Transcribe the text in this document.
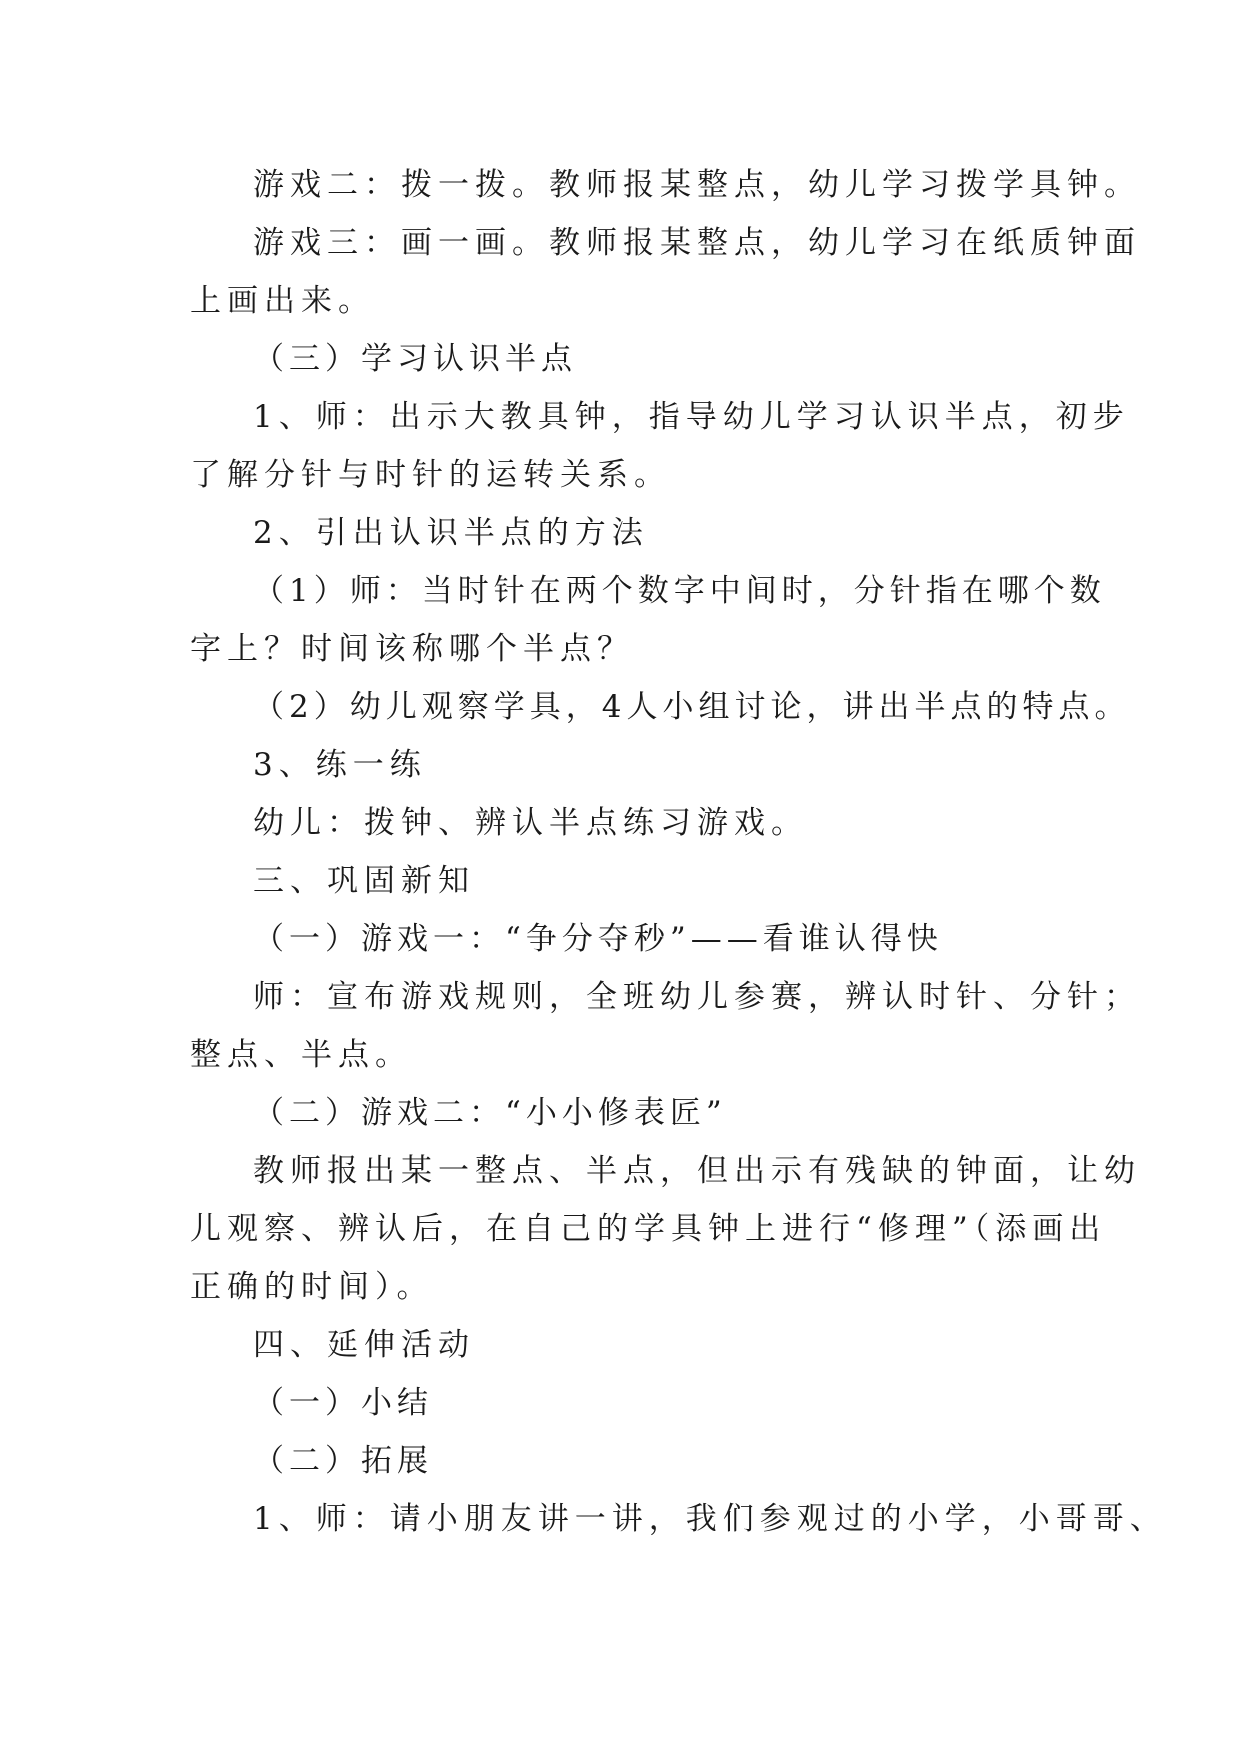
游戏二：拨一拨。教师报某整点，幼儿学习拨学具钟。
游戏三：画一画。教师报某整点，幼儿学习在纸质钟面
上画出来。
（三）学习认识半点
1、师：出示大教具钟，指导幼儿学习认识半点，初步
了解分针与时针的运转关系。
2、引出认识半点的方法
（1）师：当时针在两个数字中间时，分针指在哪个数
字上？时间该称哪个半点？
（2）幼儿观察学具，4人小组讨论，讲出半点的特点。
3、练一练
幼儿：拨钟、辨认半点练习游戏。
三、巩固新知
（一）游戏一：“争分夺秒”——看谁认得快
师：宣布游戏规则，全班幼儿参赛，辨认时针、分针；
整点、半点。
（二）游戏二：“小小修表匠”
教师报出某一整点、半点，但出示有残缺的钟面，让幼
儿观察、辨认后，在自己的学具钟上进行“修理”（添画出
正确的时间）。
四、延伸活动
（一）小结
（二）拓展
1、师：请小朋友讲一讲，我们参观过的小学，小哥哥、
